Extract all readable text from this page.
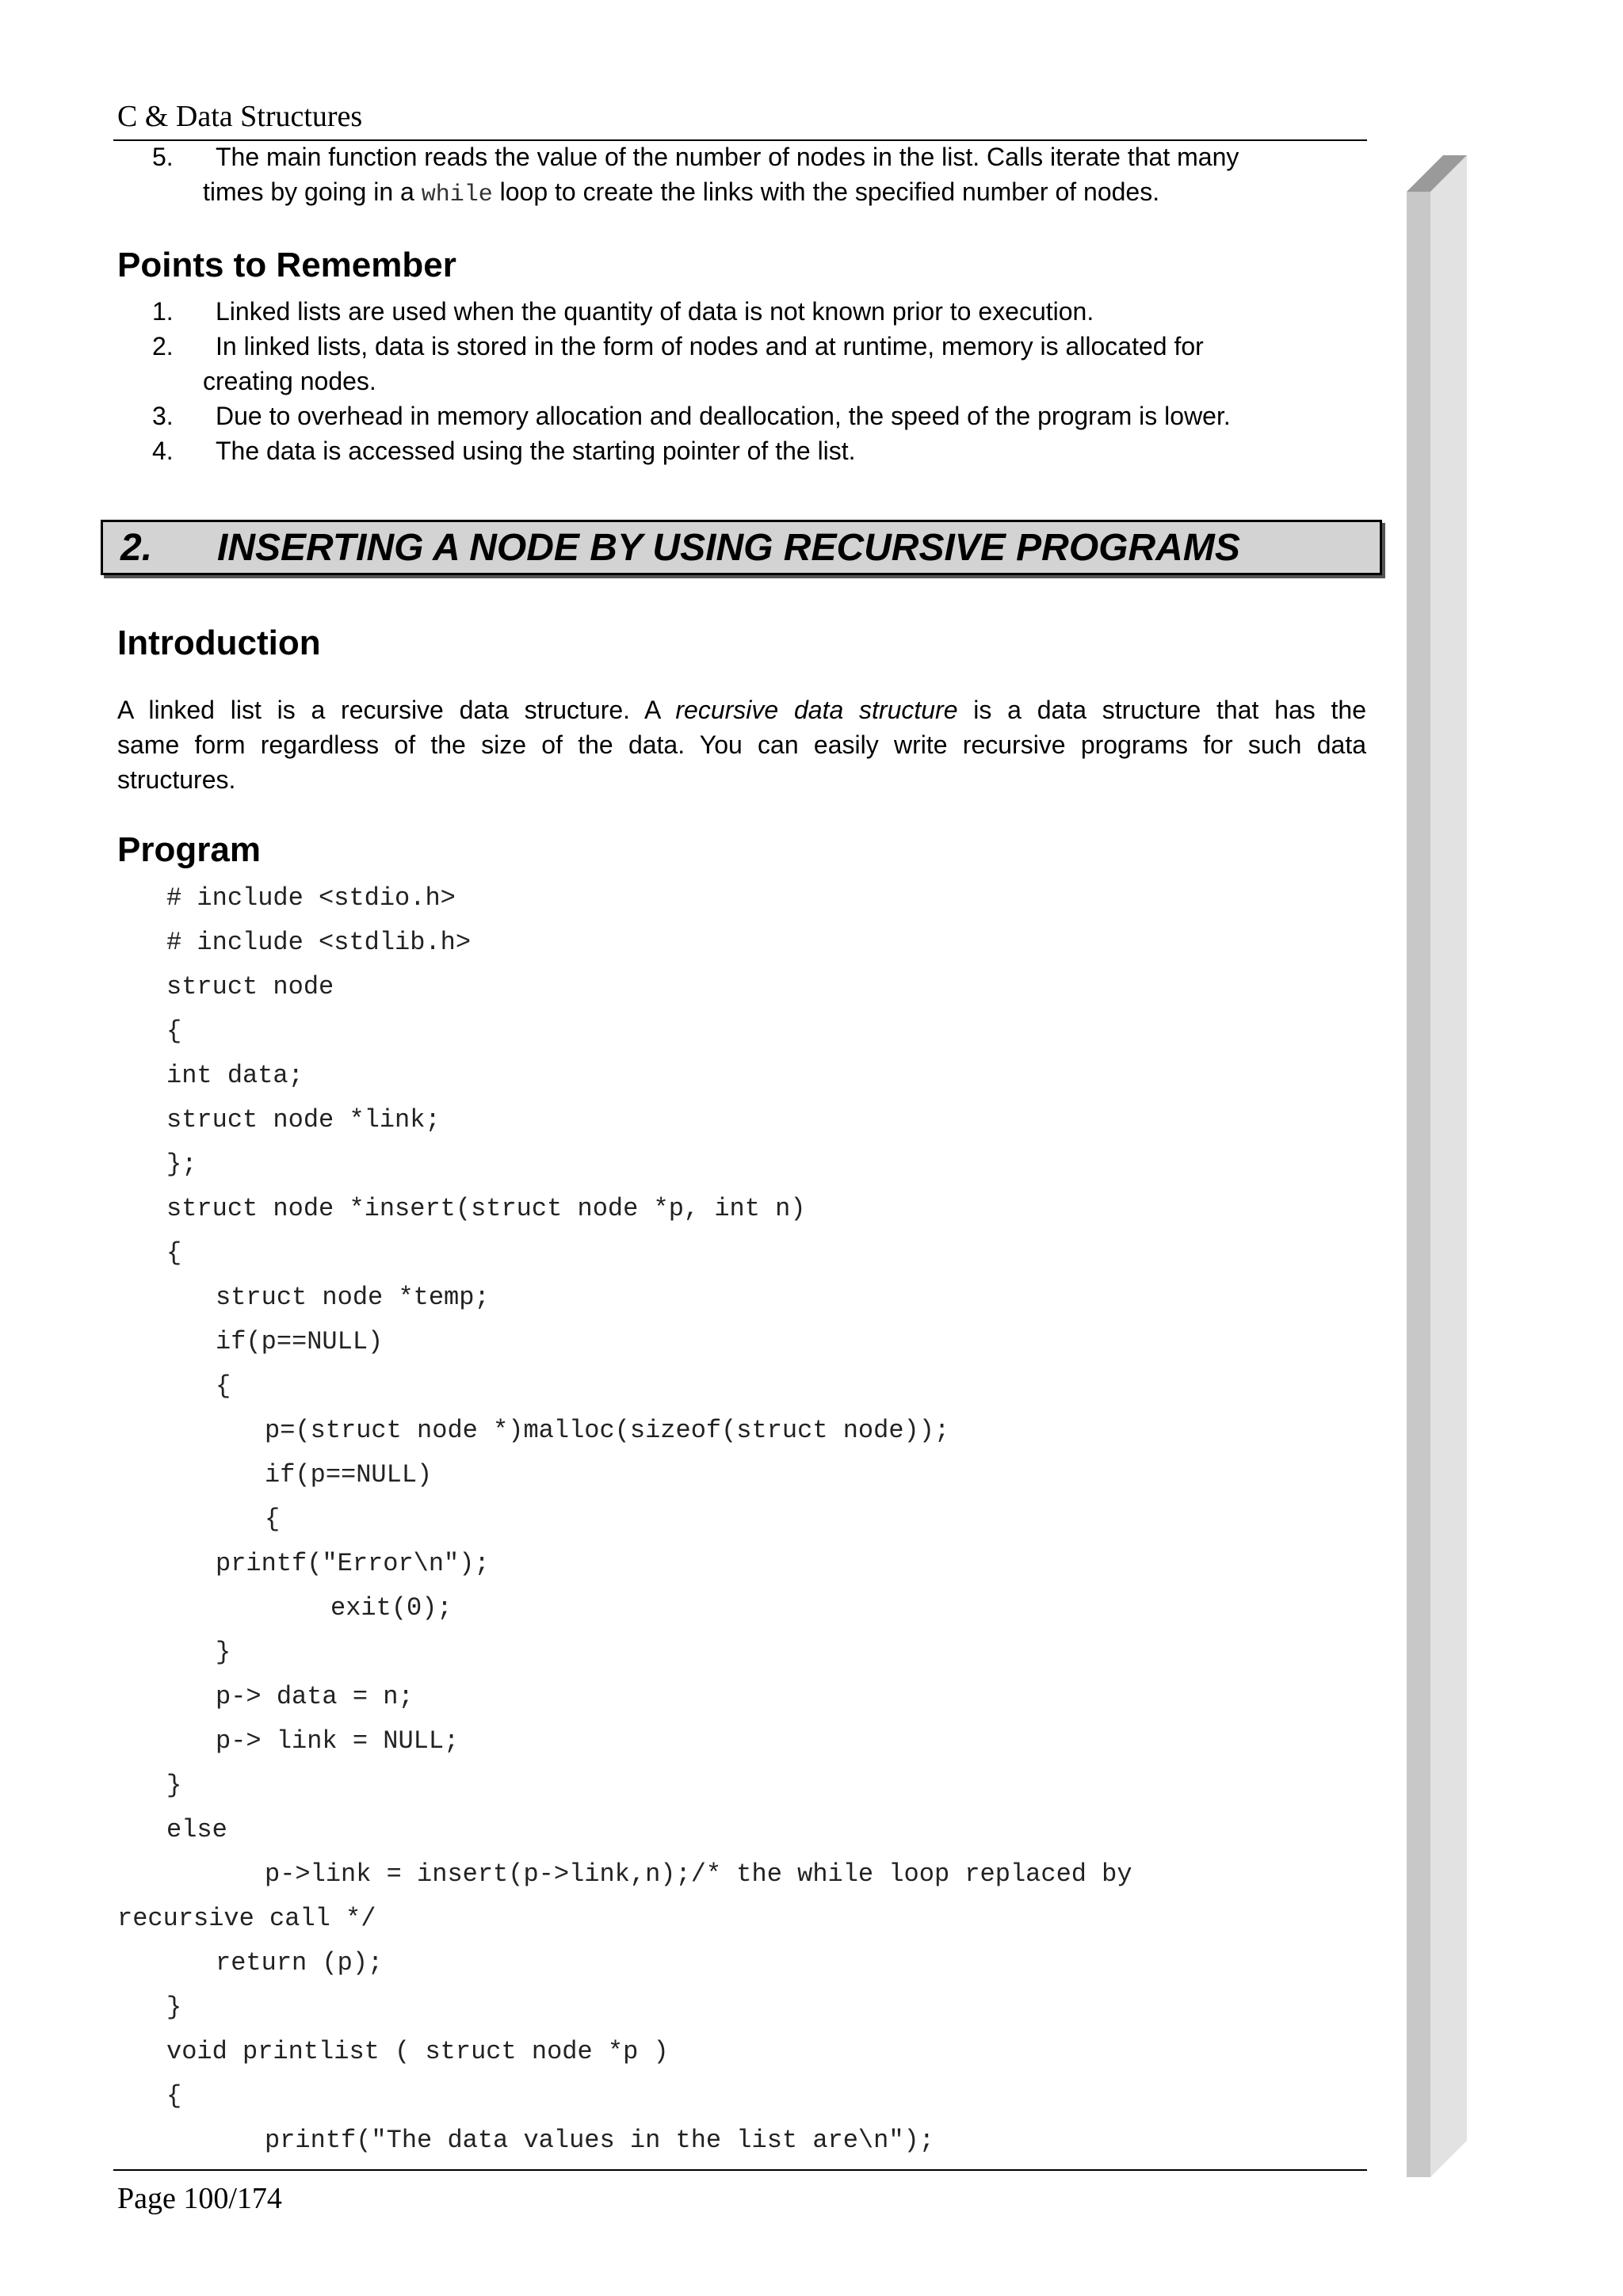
C & Data Structures
5.	The main function reads the value of the number of nodes in the list. Calls iterate that many
times by going in a while loop to create the links with the specified number of nodes.
Points to Remember
1.	Linked lists are used when the quantity of data is not known prior to execution.
2.	In linked lists, data is stored in the form of nodes and at runtime, memory is allocated for
creating nodes.
3.	Due to overhead in memory allocation and deallocation, the speed of the program is lower.
4.	The data is accessed using the starting pointer of the list.
2. INSERTING A NODE BY USING RECURSIVE PROGRAMS
Introduction
A linked list is a recursive data structure. A recursive data structure is a data structure that has the
same form regardless of the size of the data. You can easily write recursive programs for such data
structures.
Program
# include <stdio.h>
# include <stdlib.h>
struct node
{
int data;
struct node *link;
};
struct node *insert(struct node *p, int n)
{
struct node *temp;
if(p==NULL)
{
p=(struct node *)malloc(sizeof(struct node));
if(p==NULL)
{
printf("Error\n");
exit(0);
}
p-> data = n;
p-> link = NULL;
}
else
p->link = insert(p->link,n);/* the while loop replaced by
recursive call */
return (p);
}
void printlist ( struct node *p )
{
printf("The data values in the list are\n");
Page 100/174
